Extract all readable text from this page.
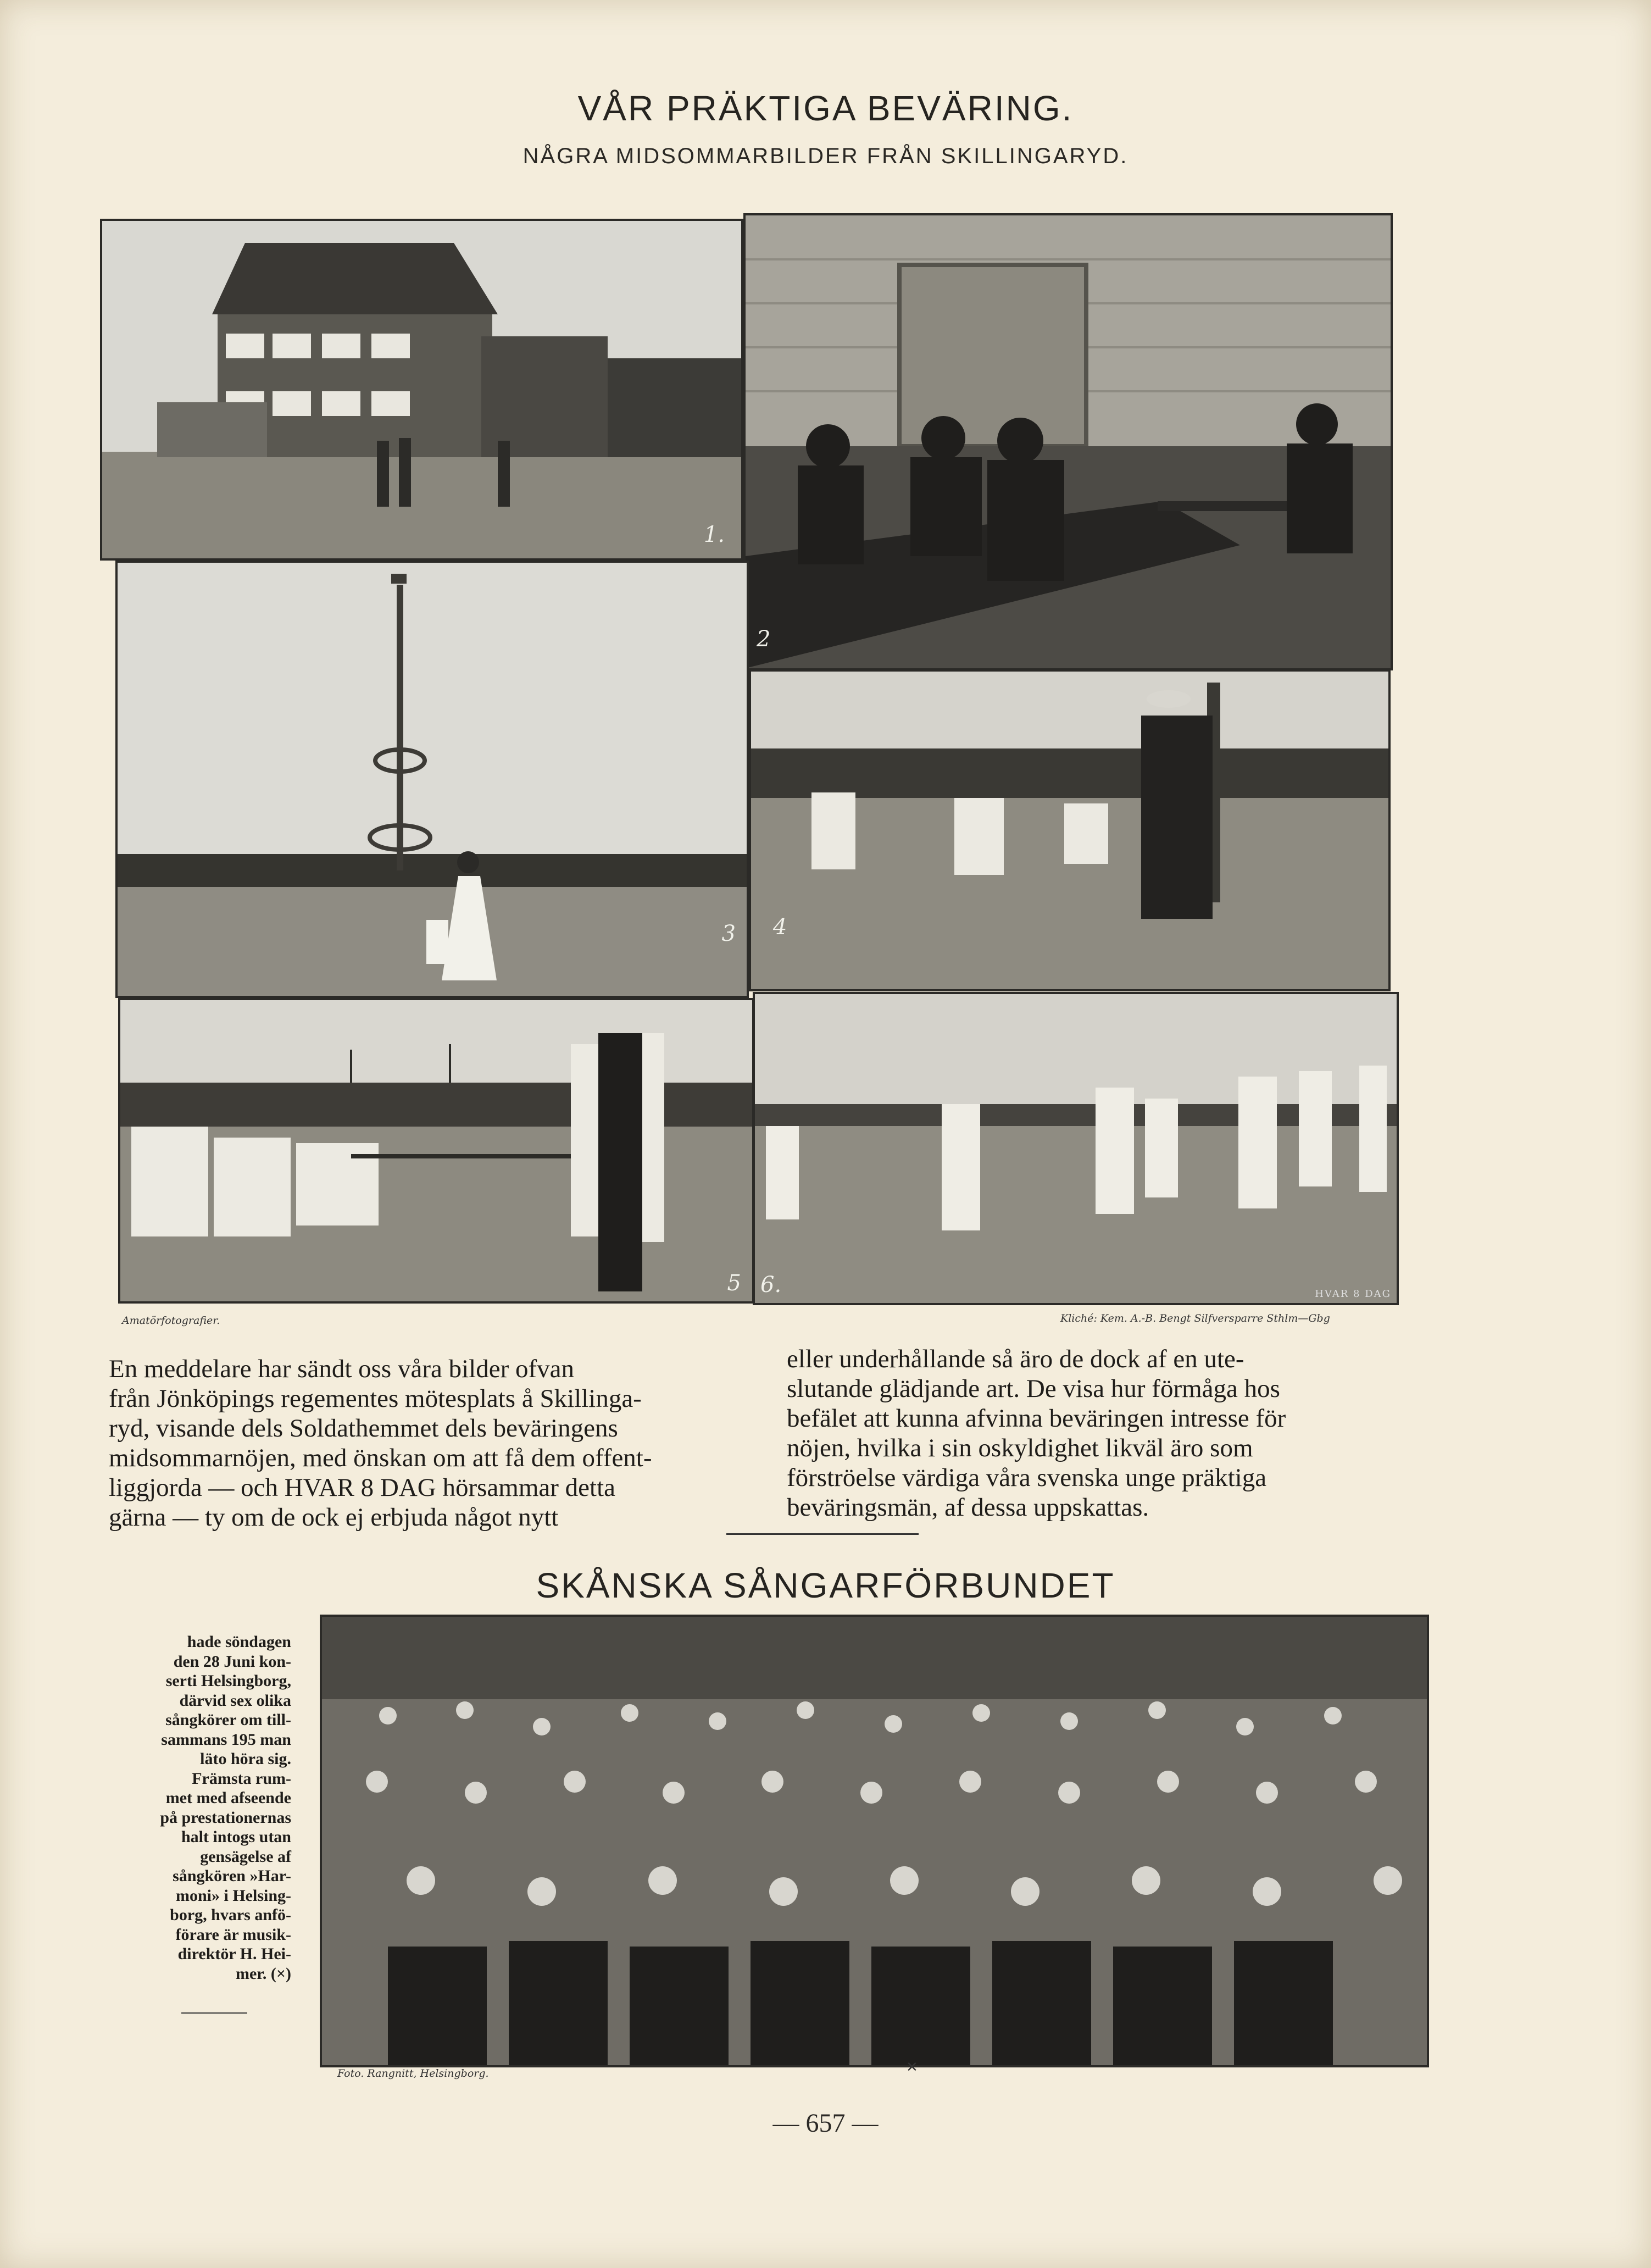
VÅR PRÄKTIGA BEVÄRING.
NÅGRA MIDSOMMARBILDER FRÅN SKILLINGARYD.
1.
2
3 4
5 6.	HVAR 8 DAG
Amatörfotografier.	Kliché: Kem. A.-B. Bengt Silfversparre Sthlm—Gbg
En meddelare har sändt oss våra bilder ofvan
från Jönköpings regementes mötesplats å Skillinga-
ryd, visande dels Soldathemmet dels beväringens
midsommarnöjen, med önskan om att få dem offent-
liggjorda — och HVAR 8 DAG hörsammar detta
gärna — ty om de ock ej erbjuda något nytt
eller underhållande så äro de dock af en ute-
slutande glädjande art. De visa hur förmåga hos
befälet att kunna afvinna beväringen intresse för
nöjen, hvilka i sin oskyldighet likväl äro som
förströelse värdiga våra svenska unge präktiga
beväringsmän, af dessa uppskattas.
SKÅNSKA SÅNGARFÖRBUNDET
hade söndagen
den 28 Juni kon-
serti Helsingborg,
därvid sex olika
sångkörer om till-
sammans 195 man
läto höra sig.
Främsta rum-
met med afseende
på prestationernas
halt intogs utan
gensägelse af
sångkören »Har-
moni» i Helsing-
borg, hvars anfö-
förare är musik-
direktör H. Hei-
mer. (×)
Foto. Rangnitt, Helsingborg.	×
— 657 —
